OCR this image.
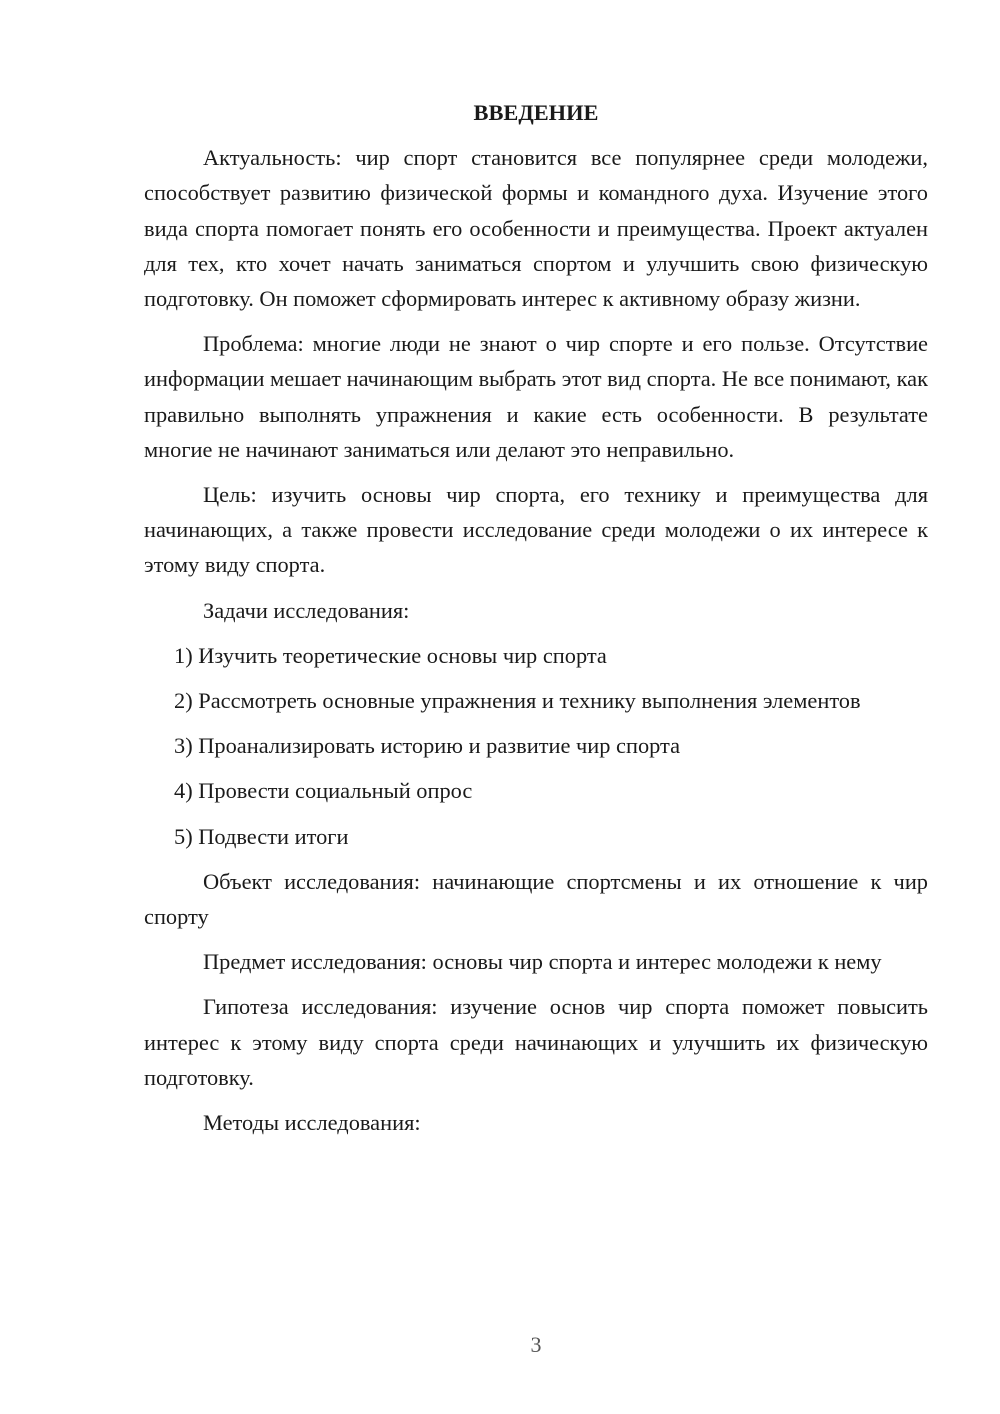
ВВЕДЕНИЕ

Актуальность: чир спорт становится все популярнее среди молодежи, способствует развитию физической формы и командного духа. Изучение этого вида спорта помогает понять его особенности и преимущества. Проект актуален для тех, кто хочет начать заниматься спортом и улучшить свою физическую подготовку. Он поможет сформировать интерес к активному образу жизни.

Проблема: многие люди не знают о чир спорте и его пользе. Отсутствие информации мешает начинающим выбрать этот вид спорта. Не все понимают, как правильно выполнять упражнения и какие есть особенности. В результате многие не начинают заниматься или делают это неправильно.

Цель: изучить основы чир спорта, его технику и преимущества для начинающих, а также провести исследование среди молодежи о их интересе к этому виду спорта.

Задачи исследования:

1) Изучить теоретические основы чир спорта

2) Рассмотреть основные упражнения и технику выполнения элементов

3) Проанализировать историю и развитие чир спорта

4) Провести социальный опрос

5) Подвести итоги

Объект исследования: начинающие спортсмены и их отношение к чир спорту

Предмет исследования: основы чир спорта и интерес молодежи к нему

Гипотеза исследования: изучение основ чир спорта поможет повысить интерес к этому виду спорта среди начинающих и улучшить их физическую подготовку.

Методы исследования:

3
